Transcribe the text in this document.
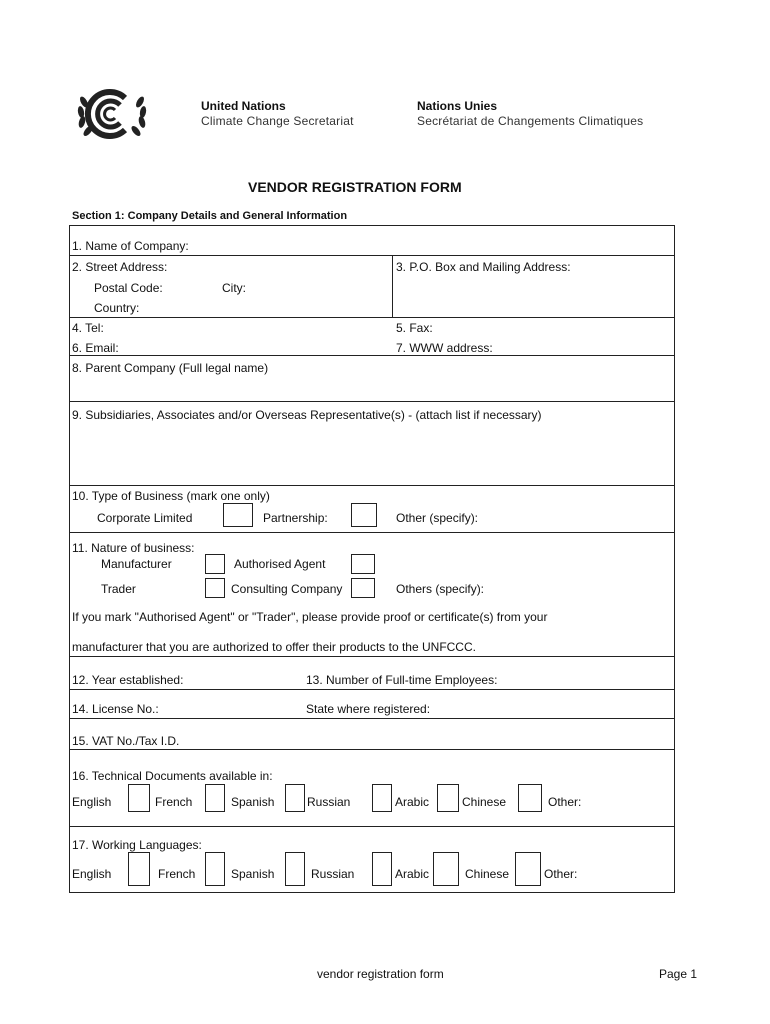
United Nations
Climate Change Secretariat
Nations Unies
Secrétariat de Changements Climatiques
VENDOR REGISTRATION FORM
Section 1: Company Details and General Information
1. Name of Company:
2. Street Address:
Postal Code:	City:
Country:
3. P.O. Box and Mailing Address:
4. Tel:	5. Fax:
6. Email:	7. WWW address:
8. Parent Company (Full legal name)
9. Subsidiaries, Associates and/or Overseas Representative(s) - (attach list if necessary)
10. Type of Business (mark one only)
Corporate Limited	Partnership:	Other (specify):
11. Nature of business:
Manufacturer	Authorised Agent
Trader	Consulting Company	Others (specify):
If you mark "Authorised Agent" or "Trader", please provide proof or certificate(s) from your
manufacturer that you are authorized to offer their products to the UNFCCC.
12. Year established:	13. Number of Full-time Employees:
14. License No.:	State where registered:
15. VAT No./Tax I.D.
16. Technical Documents available in:
English	French	Spanish	Russian	Arabic	Chinese	Other:
17. Working Languages:
English	French	Spanish	Russian	Arabic	Chinese	Other:
vendor registration form	Page 1
